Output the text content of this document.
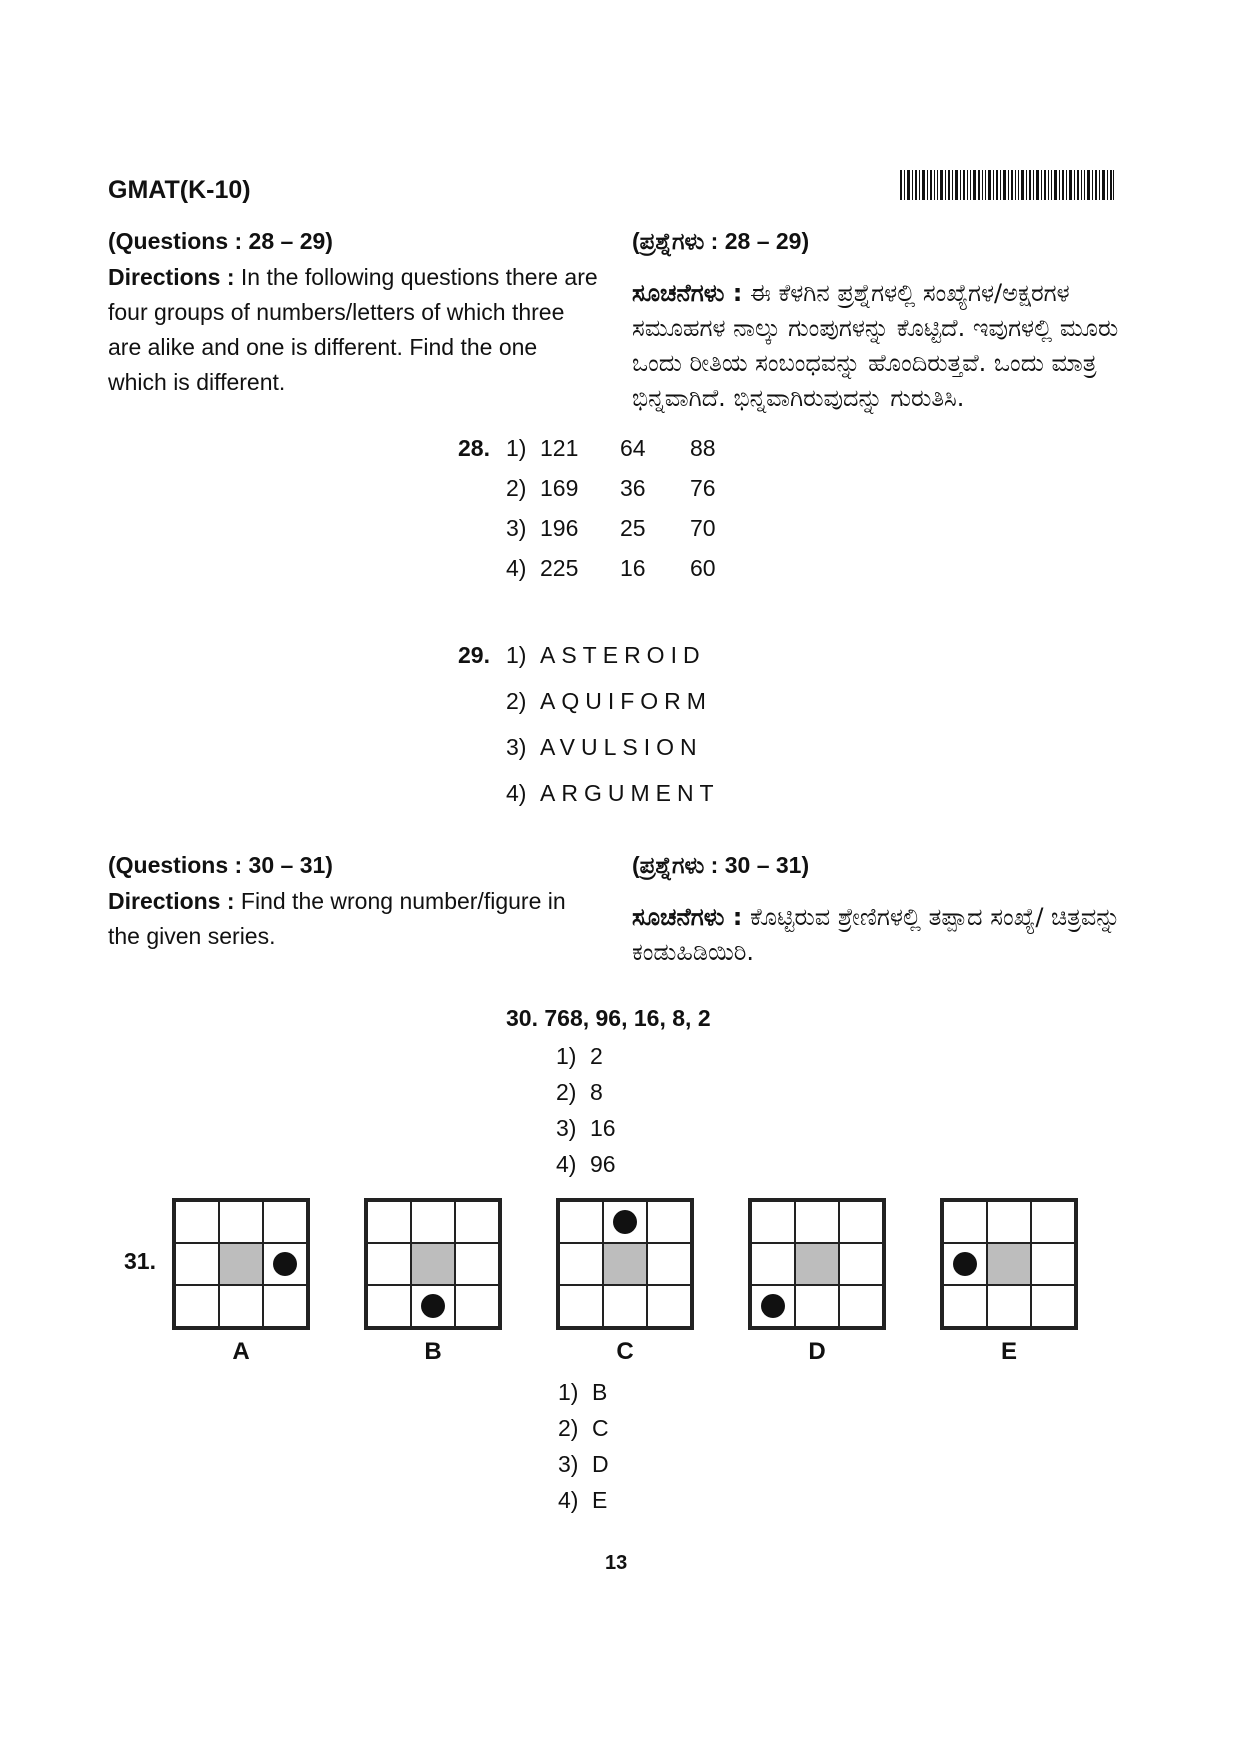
GMAT(K-10)
(Questions : 28 – 29)
Directions : In the following questions there are four groups of numbers/letters of which three are alike and one is different. Find the one which is different.
(ಪ್ರಶ್ನೆಗಳು : 28 – 29)
ಸೂಚನೆಗಳು : ಈ ಕೆಳಗಿನ ಪ್ರಶ್ನೆಗಳಲ್ಲಿ ಸಂಖ್ಯೆಗಳ/ಅಕ್ಷರಗಳ ಸಮೂಹಗಳ ನಾಲ್ಕು ಗುಂಪುಗಳನ್ನು ಕೊಟ್ಟಿದೆ. ಇವುಗಳಲ್ಲಿ ಮೂರು ಒಂದು ರೀತಿಯ ಸಂಬಂಧವನ್ನು ಹೊಂದಿರುತ್ತವೆ. ಒಂದು ಮಾತ್ರ ಭಿನ್ನವಾಗಿದೆ. ಭಿನ್ನವಾಗಿರುವುದನ್ನು ಗುರುತಿಸಿ.
28. 1) 121 64 88
2) 169 36 76
3) 196 25 70
4) 225 16 60
29. 1) ASTEROID
2) AQUIFORM
3) AVULSION
4) ARGUMENT
(Questions : 30 – 31)
Directions : Find the wrong number/figure in the given series.
(ಪ್ರಶ್ನೆಗಳು : 30 – 31)
ಸೂಚನೆಗಳು : ಕೊಟ್ಟಿರುವ ಶ್ರೇಣಿಗಳಲ್ಲಿ ತಪ್ಪಾದ ಸಂಖ್ಯೆ/ ಚಿತ್ರವನ್ನು ಕಂಡುಹಿಡಿಯಿರಿ.
30. 768, 96, 16, 8, 2
1) 2
2) 8
3) 16
4) 96
31.
A	B	C	D	E
1) B
2) C
3) D
4) E
13
